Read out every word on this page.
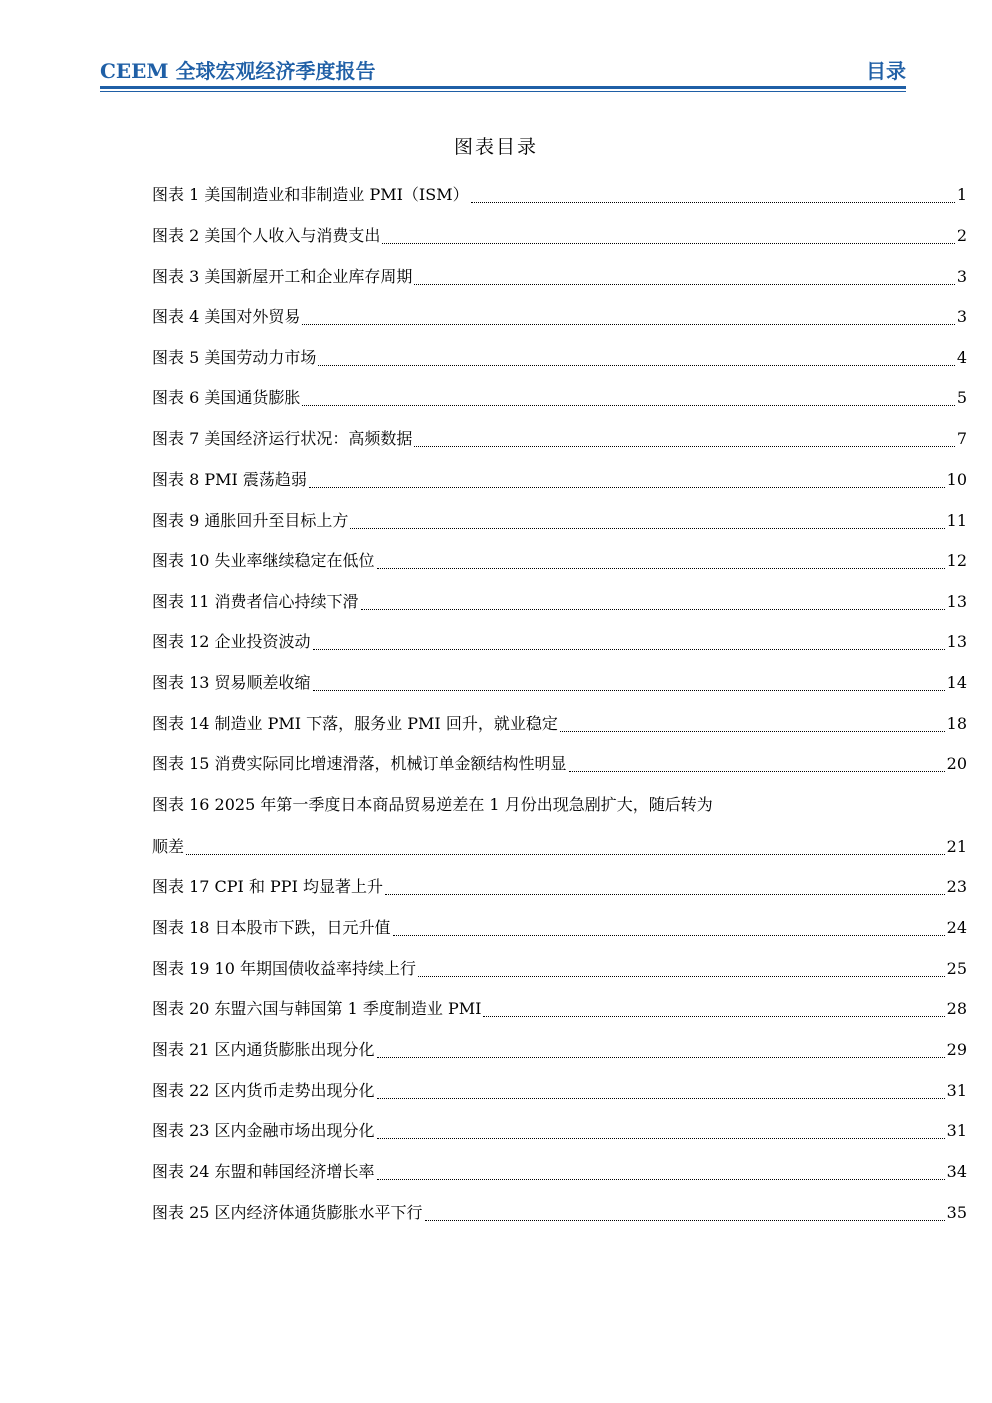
CEEM 全球宏观经济季度报告	目录
图表目录
图表 1 美国制造业和非制造业 PMI（ISM）	1
图表 2 美国个人收入与消费支出	2
图表 3 美国新屋开工和企业库存周期	3
图表 4 美国对外贸易	3
图表 5 美国劳动力市场	4
图表 6 美国通货膨胀	5
图表 7 美国经济运行状况：高频数据	7
图表 8 PMI 震荡趋弱	10
图表 9 通胀回升至目标上方	11
图表 10 失业率继续稳定在低位	12
图表 11 消费者信心持续下滑	13
图表 12 企业投资波动	13
图表 13 贸易顺差收缩	14
图表 14 制造业 PMI 下落，服务业 PMI 回升，就业稳定	18
图表 15 消费实际同比增速滑落，机械订单金额结构性明显	20
图表 16 2025 年第一季度日本商品贸易逆差在 1 月份出现急剧扩大，随后转为
顺差	21
图表 17 CPI 和 PPI 均显著上升	23
图表 18 日本股市下跌，日元升值	24
图表 19 10 年期国债收益率持续上行	25
图表 20 东盟六国与韩国第 1 季度制造业 PMI	28
图表 21 区内通货膨胀出现分化	29
图表 22 区内货币走势出现分化	31
图表 23 区内金融市场出现分化	31
图表 24 东盟和韩国经济增长率	34
图表 25 区内经济体通货膨胀水平下行	35
